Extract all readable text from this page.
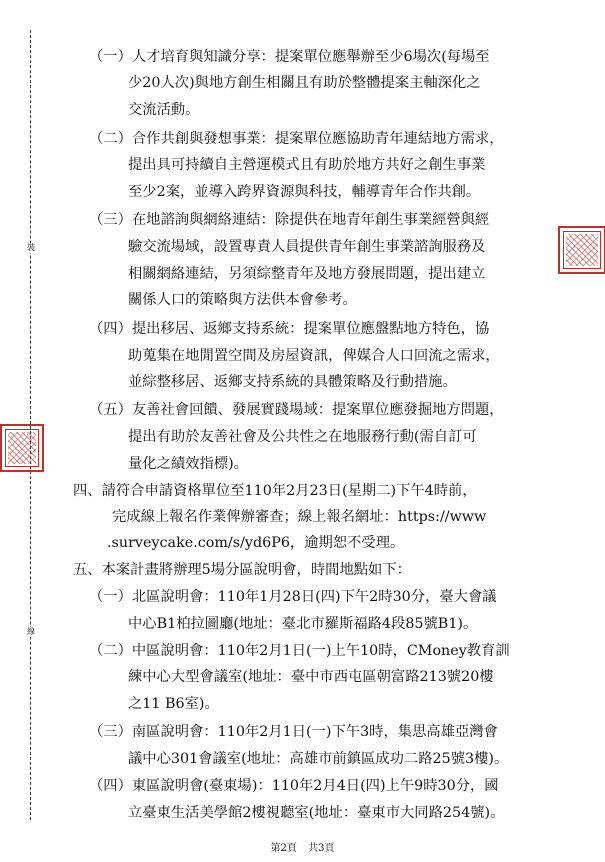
裝
線
（一）人才培育與知識分享：提案單位應舉辦至少6場次(每場至
少20人次)與地方創生相關且有助於整體提案主軸深化之
交流活動。
（二）合作共創與發想事業：提案單位應協助青年連結地方需求，
提出具可持續自主營運模式且有助於地方共好之創生事業
至少2案，並導入跨界資源與科技，輔導青年合作共創。
（三）在地諮詢與網絡連結：除提供在地青年創生事業經營與經
驗交流場域，設置專責人員提供青年創生事業諮詢服務及
相關網絡連結，另須綜整青年及地方發展問題，提出建立
關係人口的策略與方法供本會參考。
（四）提出移居、返鄉支持系統：提案單位應盤點地方特色，協
助蒐集在地閒置空間及房屋資訊，俾媒合人口回流之需求，
並綜整移居、返鄉支持系統的具體策略及行動措施。
（五）友善社會回饋、發展實踐場域：提案單位應發掘地方問題，
提出有助於友善社會及公共性之在地服務行動(需自訂可
量化之績效指標)。
四、請符合申請資格單位至110年2月23日(星期二)下午4時前，
完成線上報名作業俾辦審查；線上報名網址：https://www
.surveycake.com/s/yd6P6，逾期恕不受理。
五、本案計畫將辦理5場分區說明會，時間地點如下：
（一）北區說明會：110年1月28日(四)下午2時30分，臺大會議
中心B1柏拉圖廳(地址：臺北市羅斯福路4段85號B1)。
（二）中區說明會：110年2月1日(一)上午10時，CMoney教育訓
練中心大型會議室(地址：臺中市西屯區朝富路213號20樓
之11 B6室)。
（三）南區說明會：110年2月1日(一)下午3時，集思高雄亞灣會
議中心301會議室(地址：高雄市前鎮區成功二路25號3樓)。
（四）東區說明會(臺東場)：110年2月4日(四)上午9時30分，國
立臺東生活美學館2樓視聽室(地址：臺東市大同路254號)。
第2頁 共3頁
